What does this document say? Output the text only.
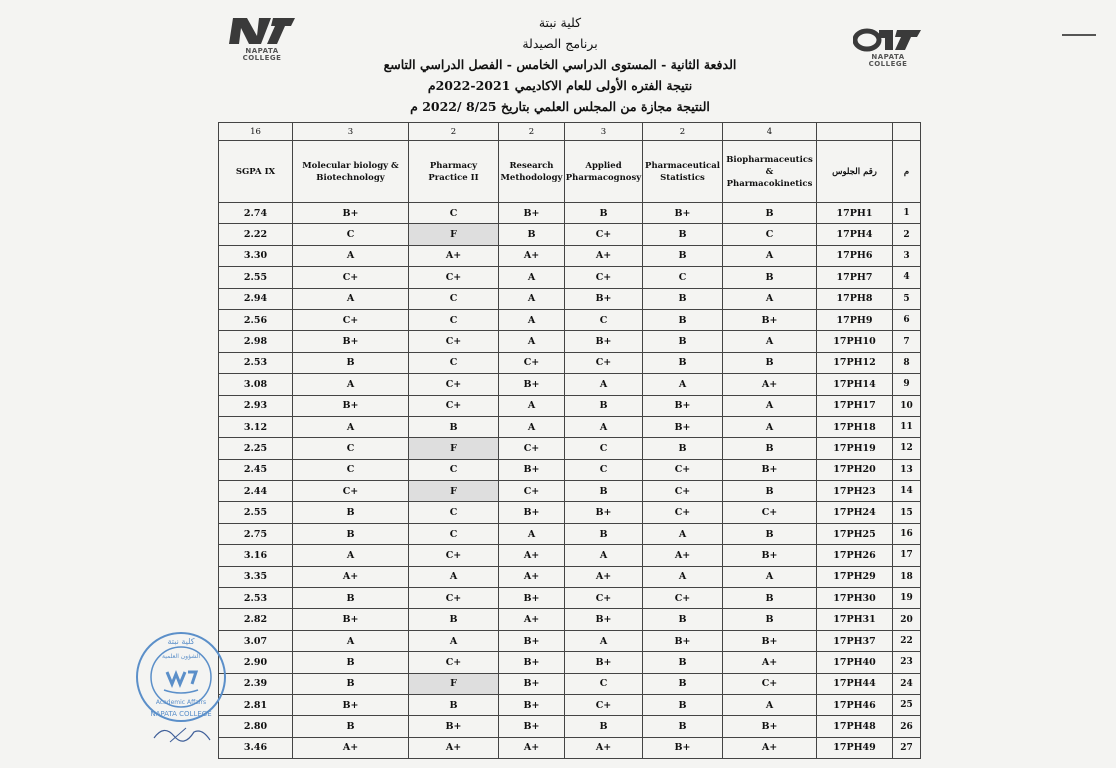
NAPATA
COLLEGE	NAPATA
COLLEGE
كلية نبتة
برنامج الصيدلة
الدفعة الثانية - المستوى الدراسي الخامس - الفصل الدراسي التاسع
نتيجة الفتره الأولى للعام الاكاديمي 2021-2022م
النتيجة مجازة من المجلس العلمي بتاريخ 8/25 /2022 م
16	3	2	2	3	2	4		
SGPA IX	Molecular biology & Biotechnology	Pharmacy Practice II	Research Methodology	Applied Pharmacognosy	Pharmaceutical Statistics	Biopharmaceutics & Pharmacokinetics	رقم الجلوس	م
2.74	B+	C	B+	B	B+	B	17PH1	1
2.22	C	F	B	C+	B	C	17PH4	2
3.30	A	A+	A+	A+	B	A	17PH6	3
2.55	C+	C+	A	C+	C	B	17PH7	4
2.94	A	C	A	B+	B	A	17PH8	5
2.56	C+	C	A	C	B	B+	17PH9	6
2.98	B+	C+	A	B+	B	A	17PH10	7
2.53	B	C	C+	C+	B	B	17PH12	8
3.08	A	C+	B+	A	A	A+	17PH14	9
2.93	B+	C+	A	B	B+	A	17PH17	10
3.12	A	B	A	A	B+	A	17PH18	11
2.25	C	F	C+	C	B	B	17PH19	12
2.45	C	C	B+	C	C+	B+	17PH20	13
2.44	C+	F	C+	B	C+	B	17PH23	14
2.55	B	C	B+	B+	C+	C+	17PH24	15
2.75	B	C	A	B	A	B	17PH25	16
3.16	A	C+	A+	A	A+	B+	17PH26	17
3.35	A+	A	A+	A+	A	A	17PH29	18
2.53	B	C+	B+	C+	C+	B	17PH30	19
2.82	B+	B	A+	B+	B	B	17PH31	20
3.07	A	A	B+	A	B+	B+	17PH37	22
2.90	B	C+	B+	B+	B	A+	17PH40	23
2.39	B	F	B+	C	B	C+	17PH44	24
2.81	B+	B	B+	C+	B	A	17PH46	25
2.80	B	B+	B+	B	B	B+	17PH48	26
3.46	A+	A+	A+	A+	B+	A+	17PH49	27
كلية نبتة
الشؤون العلمية
Academic Affairs
NAPATA COLLEGE
